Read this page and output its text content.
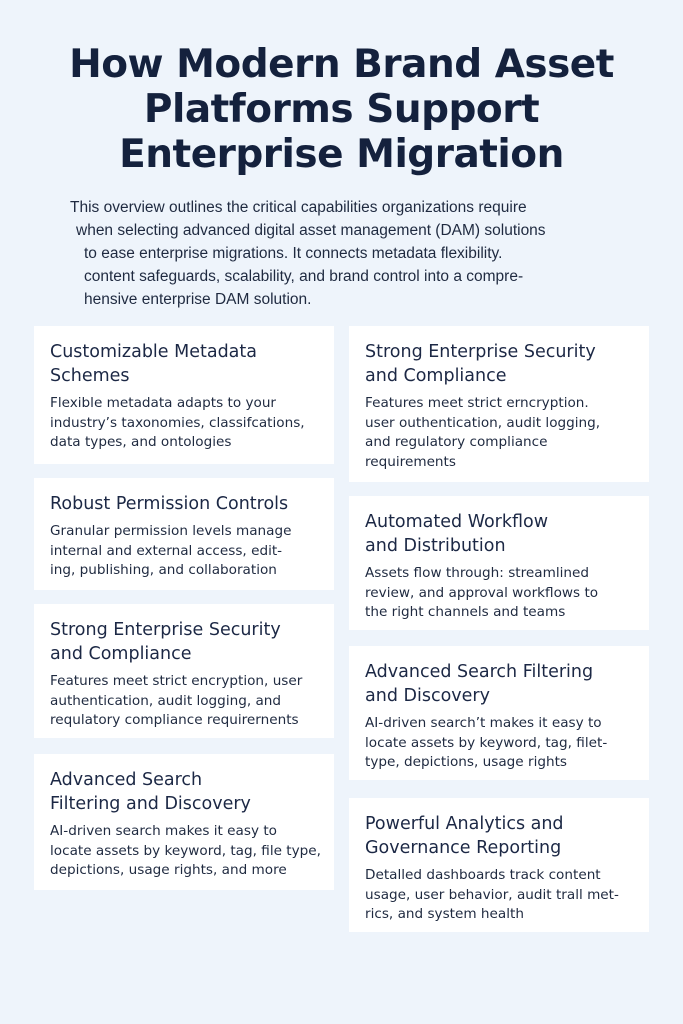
How Modern Brand Asset
Platforms Support
Enterprise Migration

This overview outlines the critical capabilities organizations require
when selecting advanced digital asset management (DAM) solutions
to ease enterprise migrations. It connects metadata flexibility.
content safeguards, scalability, and brand control into a compre-
hensive enterprise DAM solution.

Customizable Metadata
Schemes
Flexible metadata adapts to your
industry’s taxonomies, classifcations,
data types, and ontologies
Robust Permission Controls
Granular permission levels manage
internal and external access, edit-
ing, publishing, and collaboration
Strong Enterprise Security
and Compliance
Features meet strict encryption, user
authentication, audit logging, and
requlatory compliance requirernents
Advanced Search
Filtering and Discovery
AI-driven search makes it easy to
locate assets by keyword, tag, file type,
depictions, usage rights, and more
Strong Enterprise Security
and Compliance
Features meet strict erncryption.
user outhentication, audit logging,
and regulatory compliance
requirements
Automated Workflow
and Distribution
Assets flow through: streamlined
review, and approval workflows to
the right channels and teams
Advanced Search Filtering
and Discovery
AI-driven search’t makes it easy to
locate assets by keyword, tag, filet-
type, depictions, usage rights
Powerful Analytics and
Governance Reporting
Detalled dashboards track content
usage, user behavior, audit trall met-
rics, and system health
